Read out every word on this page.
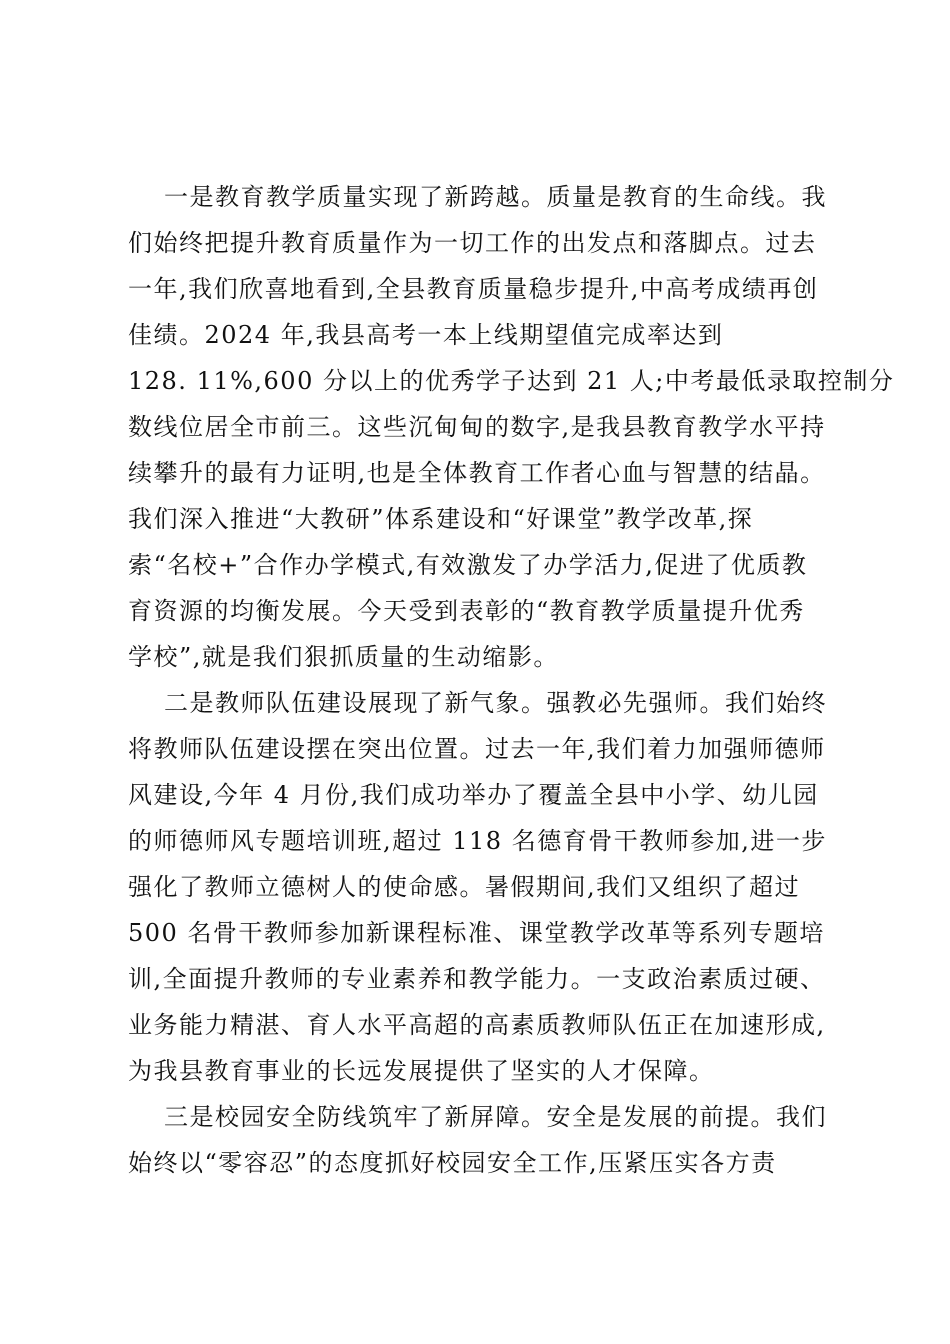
一是教育教学质量实现了新跨越。质量是教育的生命线。我
们始终把提升教育质量作为一切工作的出发点和落脚点。过去
一年,我们欣喜地看到,全县教育质量稳步提升,中高考成绩再创
佳绩。2024 年,我县高考一本上线期望值完成率达到
128. 11%,600 分以上的优秀学子达到 21 人;中考最低录取控制分
数线位居全市前三。这些沉甸甸的数字,是我县教育教学水平持
续攀升的最有力证明,也是全体教育工作者心血与智慧的结晶。
我们深入推进“大教研”体系建设和“好课堂”教学改革,探
索“名校+”合作办学模式,有效激发了办学活力,促进了优质教
育资源的均衡发展。今天受到表彰的“教育教学质量提升优秀
学校”,就是我们狠抓质量的生动缩影。
二是教师队伍建设展现了新气象。强教必先强师。我们始终
将教师队伍建设摆在突出位置。过去一年,我们着力加强师德师
风建设,今年 4 月份,我们成功举办了覆盖全县中小学、幼儿园
的师德师风专题培训班,超过 118 名德育骨干教师参加,进一步
强化了教师立德树人的使命感。暑假期间,我们又组织了超过
500 名骨干教师参加新课程标准、课堂教学改革等系列专题培
训,全面提升教师的专业素养和教学能力。一支政治素质过硬、
业务能力精湛、育人水平高超的高素质教师队伍正在加速形成,
为我县教育事业的长远发展提供了坚实的人才保障。
三是校园安全防线筑牢了新屏障。安全是发展的前提。我们
始终以“零容忍”的态度抓好校园安全工作,压紧压实各方责
